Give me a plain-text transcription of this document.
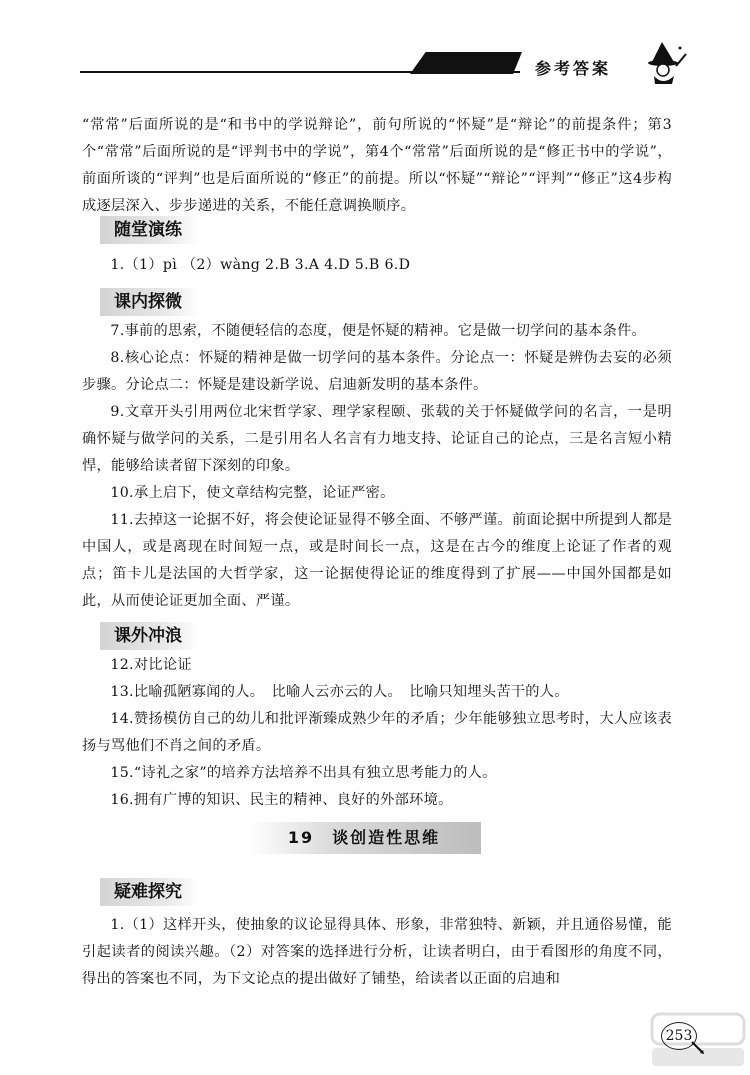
参考答案

“常常”后面所说的是“和书中的学说辩论”，前句所说的“怀疑”是“辩论”的前提条件；第3个“常常”后面所说的是“评判书中的学说”，第4个“常常”后面所说的是“修正书中的学说”，前面所谈的“评判”也是后面所说的“修正”的前提。所以“怀疑”“辩论”“评判”“修正”这4步构成逐层深入、步步递进的关系，不能任意调换顺序。

随堂演练

1.（1）pì （2）wàng 2.B 3.A 4.D 5.B 6.D

课内探微

7.事前的思索，不随便轻信的态度，便是怀疑的精神。它是做一切学问的基本条件。

8.核心论点：怀疑的精神是做一切学问的基本条件。分论点一：怀疑是辨伪去妄的必须步骤。分论点二：怀疑是建设新学说、启迪新发明的基本条件。

9.文章开头引用两位北宋哲学家、理学家程颐、张载的关于怀疑做学问的名言，一是明确怀疑与做学问的关系，二是引用名人名言有力地支持、论证自己的论点，三是名言短小精悍，能够给读者留下深刻的印象。

10.承上启下，使文章结构完整，论证严密。

11.去掉这一论据不好，将会使论证显得不够全面、不够严谨。前面论据中所提到人都是中国人，或是离现在时间短一点，或是时间长一点，这是在古今的维度上论证了作者的观点；笛卡儿是法国的大哲学家，这一论据使得论证的维度得到了扩展——中国外国都是如此，从而使论证更加全面、严谨。

课外冲浪

12.对比论证

13.比喻孤陋寡闻的人。　比喻人云亦云的人。　比喻只知埋头苦干的人。

14.赞扬模仿自己的幼儿和批评渐臻成熟少年的矛盾；少年能够独立思考时，大人应该表扬与骂他们不肖之间的矛盾。

15.“诗礼之家”的培养方法培养不出具有独立思考能力的人。

16.拥有广博的知识、民主的精神、良好的外部环境。

19　谈创造性思维
疑难探究

1.（1）这样开头，使抽象的议论显得具体、形象，非常独特、新颖，并且通俗易懂，能引起读者的阅读兴趣。（2）对答案的选择进行分析，让读者明白，由于看图形的角度不同，得出的答案也不同，为下文论点的提出做好了铺垫，给读者以正面的启迪和

253
